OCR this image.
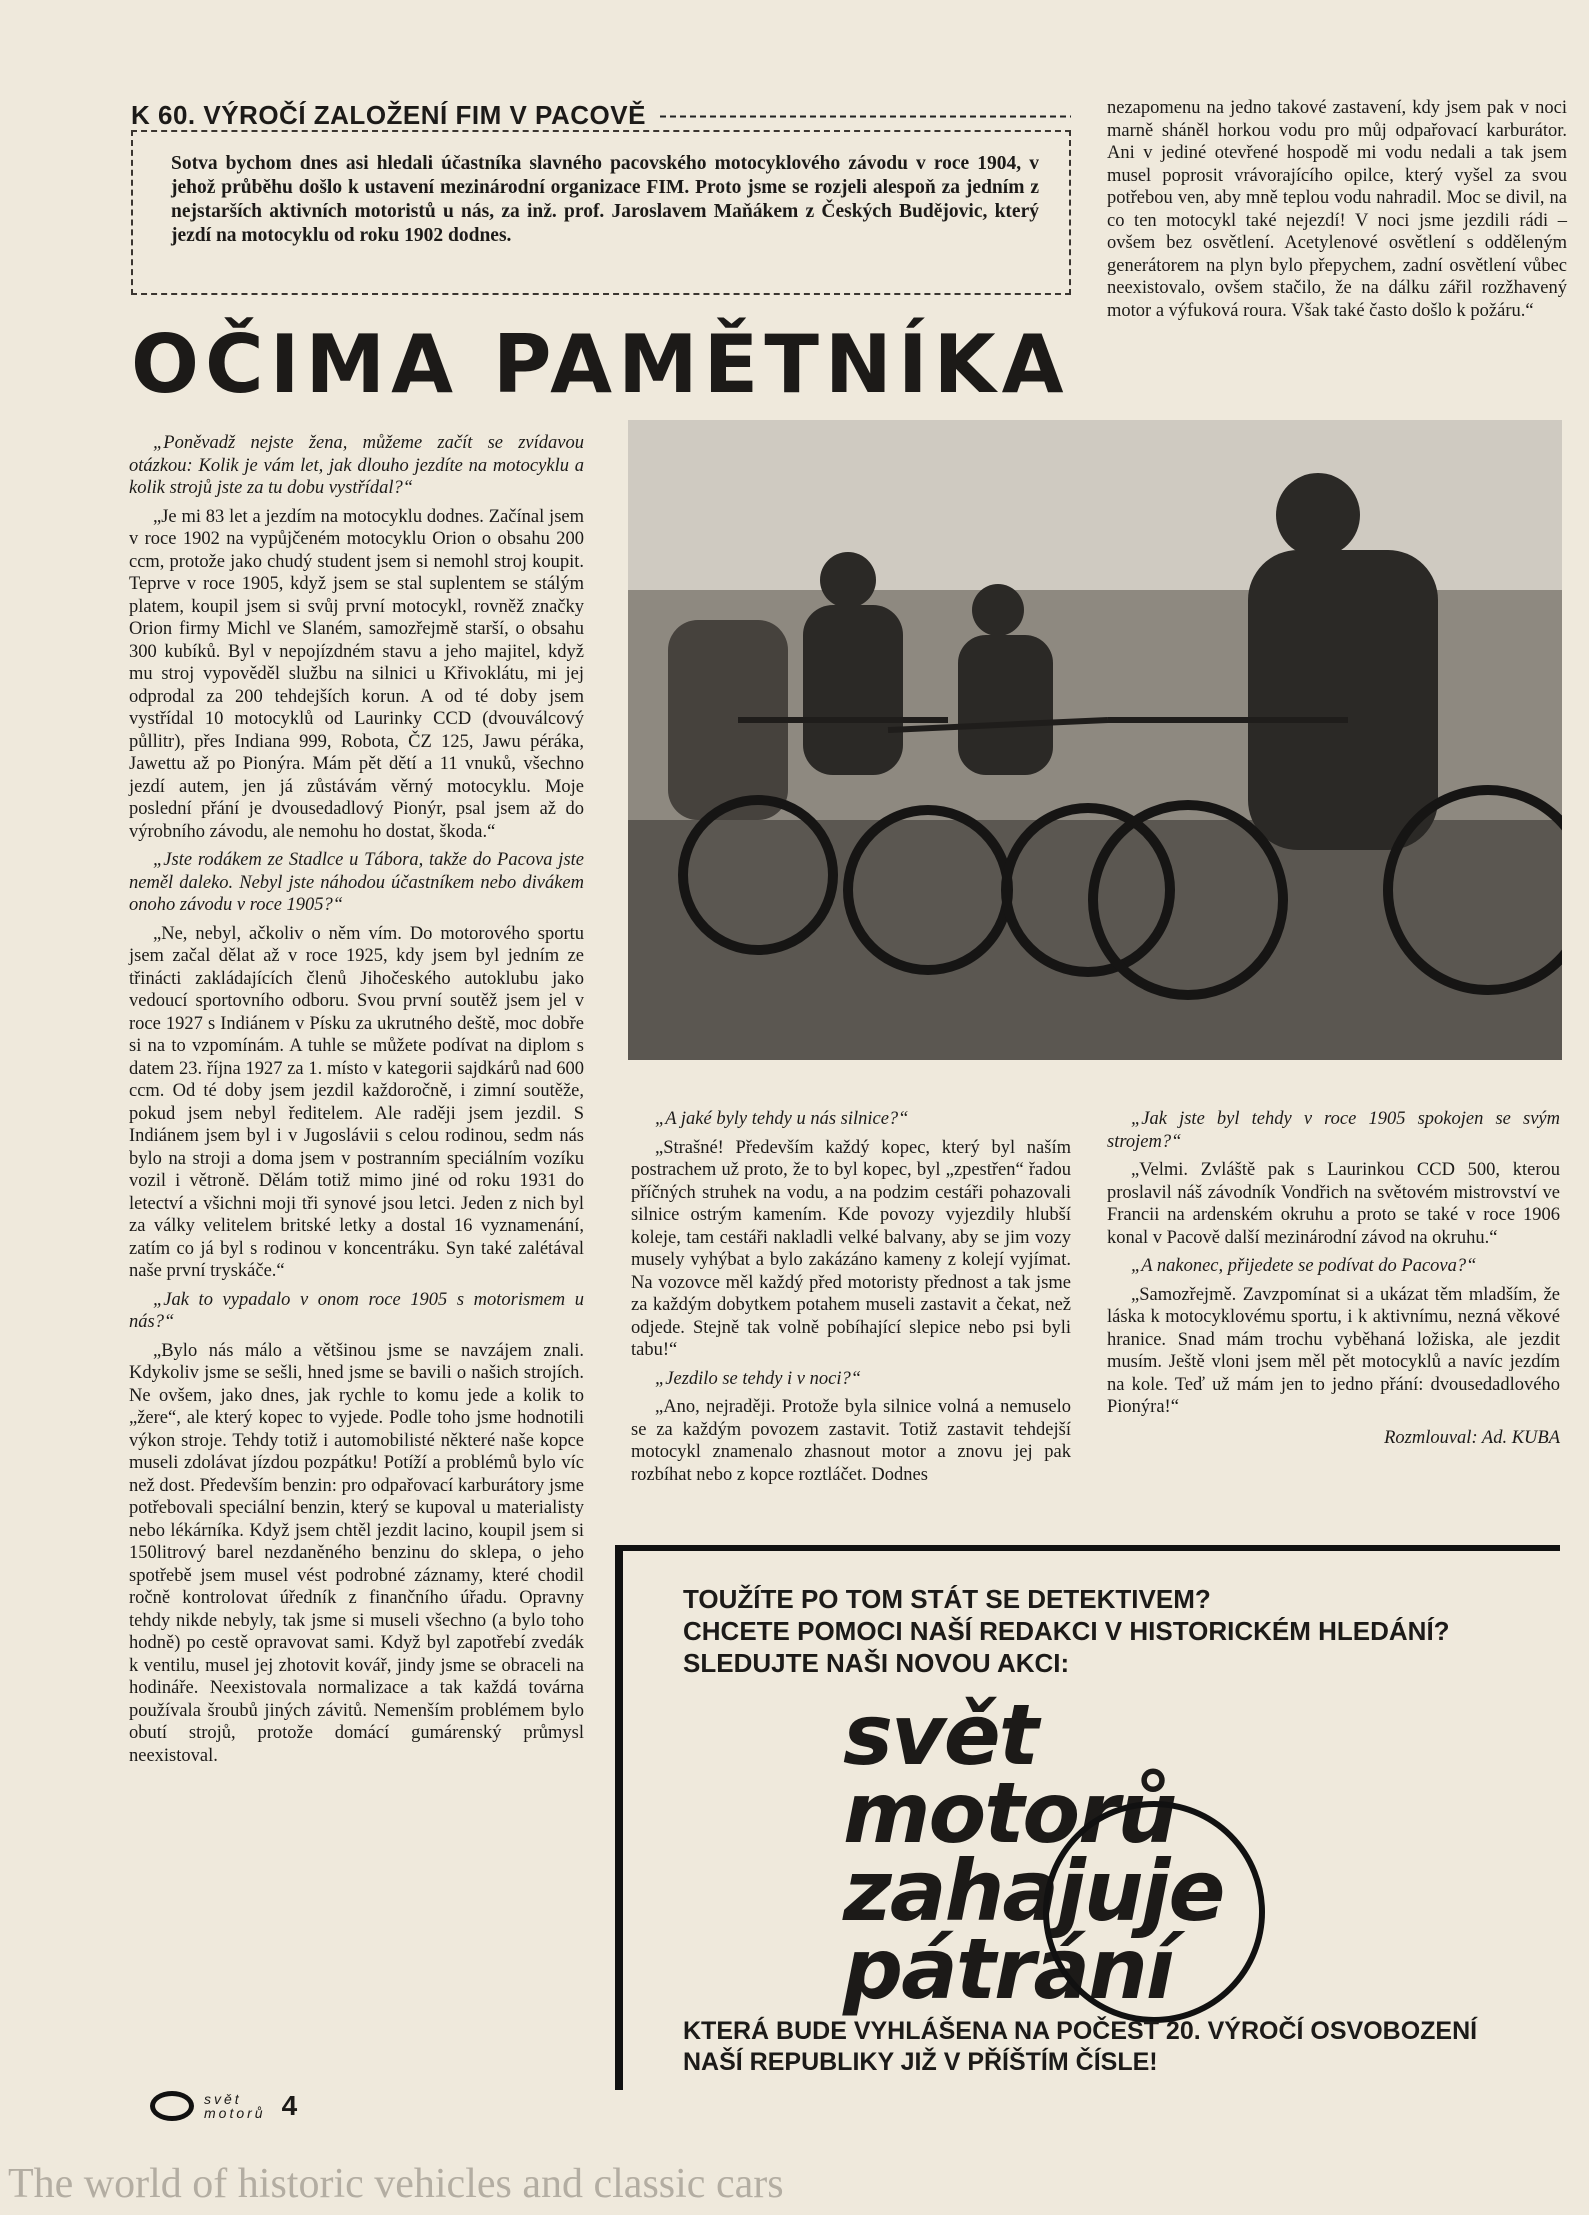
K 60. VÝROČÍ ZALOŽENÍ FIM V PACOVĚ
Sotva bychom dnes asi hledali účastníka slavného pacovského motocyklového závodu v roce 1904, v jehož průběhu došlo k ustavení mezinárodní organizace FIM. Proto jsme se rozjeli alespoň za jedním z nejstarších aktivních motoristů u nás, za inž. prof. Jaroslavem Maňákem z Českých Budějovic, který jezdí na motocyklu od roku 1902 dodnes.
OČIMA PAMĚTNÍKA

nezapomenu na jedno takové zastavení, kdy jsem pak v noci marně sháněl horkou vodu pro můj odpařovací karburátor. Ani v jediné otevřené hospodě mi vodu nedali a tak jsem musel poprosit vrávorajícího opilce, který vyšel za svou potřebou ven, aby mně teplou vodu nahradil. Moc se divil, na co ten motocykl také nejezdí! V noci jsme jezdili rádi – ovšem bez osvětlení. Acetylenové osvětlení s odděleným generátorem na plyn bylo přepychem, zadní osvětlení vůbec neexistovalo, ovšem stačilo, že na dálku zářil rozžhavený motor a výfuková roura. Však také často došlo k požáru.“

„Poněvadž nejste žena, můžeme začít se zvídavou otázkou: Kolik je vám let, jak dlouho jezdíte na motocyklu a kolik strojů jste za tu dobu vystřídal?“

„Je mi 83 let a jezdím na motocyklu dodnes. Začínal jsem v roce 1902 na vypůjčeném motocyklu Orion o obsahu 200 ccm, protože jako chudý student jsem si nemohl stroj koupit. Teprve v roce 1905, když jsem se stal suplentem se stálým platem, koupil jsem si svůj první motocykl, rovněž značky Orion firmy Michl ve Slaném, samozřejmě starší, o obsahu 300 kubíků. Byl v nepojízdném stavu a jeho majitel, když mu stroj vypověděl službu na silnici u Křivoklátu, mi jej odprodal za 200 tehdejších korun. A od té doby jsem vystřídal 10 motocyklů od Laurinky CCD (dvouválcový půllitr), přes Indiana 999, Robota, ČZ 125, Jawu péráka, Jawettu až po Pionýra. Mám pět dětí a 11 vnuků, všechno jezdí autem, jen já zůstávám věrný motocyklu. Moje poslední přání je dvousedadlový Pionýr, psal jsem až do výrobního závodu, ale nemohu ho dostat, škoda.“

„Jste rodákem ze Stadlce u Tábora, takže do Pacova jste neměl daleko. Nebyl jste náhodou účastníkem nebo divákem onoho závodu v roce 1905?“

„Ne, nebyl, ačkoliv o něm vím. Do motorového sportu jsem začal dělat až v roce 1925, kdy jsem byl jedním ze třinácti zakládajících členů Jihočeského autoklubu jako vedoucí sportovního odboru. Svou první soutěž jsem jel v roce 1927 s Indiánem v Písku za ukrutného deště, moc dobře si na to vzpomínám. A tuhle se můžete podívat na diplom s datem 23. října 1927 za 1. místo v kategorii sajdkárů nad 600 ccm. Od té doby jsem jezdil každoročně, i zimní soutěže, pokud jsem nebyl ředitelem. Ale raději jsem jezdil. S Indiánem jsem byl i v Jugoslávii s celou rodinou, sedm nás bylo na stroji a doma jsem v postranním speciálním vozíku vozil i větroně. Dělám totiž mimo jiné od roku 1931 do letectví a všichni moji tři synové jsou letci. Jeden z nich byl za války velitelem britské letky a dostal 16 vyznamenání, zatím co já byl s rodinou v koncentráku. Syn také zalétával naše první tryskáče.“

„Jak to vypadalo v onom roce 1905 s motorismem u nás?“

„Bylo nás málo a většinou jsme se navzájem znali. Kdykoliv jsme se sešli, hned jsme se bavili o našich strojích. Ne ovšem, jako dnes, jak rychle to komu jede a kolik to „žere“, ale který kopec to vyjede. Podle toho jsme hodnotili výkon stroje. Tehdy totiž i automobilisté některé naše kopce museli zdolávat jízdou pozpátku! Potíží a problémů bylo víc než dost. Především benzin: pro odpařovací karburátory jsme potřebovali speciální benzin, který se kupoval u materialisty nebo lékárníka. Když jsem chtěl jezdit lacino, koupil jsem si 150litrový barel nezdaněného benzinu do sklepa, o jeho spotřebě jsem musel vést podrobné záznamy, které chodil ročně kontrolovat úředník z finančního úřadu. Opravny tehdy nikde nebyly, tak jsme si museli všechno (a bylo toho hodně) po cestě opravovat sami. Když byl zapotřebí zvedák k ventilu, musel jej zhotovit kovář, jindy jsme se obraceli na hodináře. Neexistovala normalizace a tak každá továrna používala šroubů jiných závitů. Nemenším problémem bylo obutí strojů, protože domácí gumárenský průmysl neexistoval.

„A jaké byly tehdy u nás silnice?“

„Strašné! Především každý kopec, který byl naším postrachem už proto, že to byl kopec, byl „zpestřen“ řadou příčných struhek na vodu, a na podzim cestáři pohazovali silnice ostrým kamením. Kde povozy vyjezdily hlubší koleje, tam cestáři nakladli velké balvany, aby se jim vozy musely vyhýbat a bylo zakázáno kameny z kolejí vyjímat. Na vozovce měl každý před motoristy přednost a tak jsme za každým dobytkem potahem museli zastavit a čekat, než odjede. Stejně tak volně pobíhající slepice nebo psi byli tabu!“

„Jezdilo se tehdy i v noci?“

„Ano, nejraději. Protože byla silnice volná a nemuselo se za každým povozem zastavit. Totiž zastavit tehdejší motocykl znamenalo zhasnout motor a znovu jej pak rozbíhat nebo z kopce roztláčet. Dodnes

„Jak jste byl tehdy v roce 1905 spokojen se svým strojem?“

„Velmi. Zvláště pak s Laurinkou CCD 500, kterou proslavil náš závodník Vondřich na světovém mistrovství ve Francii na ardenském okruhu a proto se také v roce 1906 konal v Pacově další mezinárodní závod na okruhu.“

„A nakonec, přijedete se podívat do Pacova?“

„Samozřejmě. Zavzpomínat si a ukázat těm mladším, že láska k motocyklovému sportu, i k aktivnímu, nezná věkové hranice. Snad mám trochu vyběhaná ložiska, ale jezdit musím. Ještě vloni jsem měl pět motocyklů a navíc jezdím na kole. Teď už mám jen to jedno přání: dvousedadlového Pionýra!“

Rozmlouval: Ad. KUBA
TOUŽÍTE PO TOM STÁT SE DETEKTIVEM?
CHCETE POMOCI NAŠÍ REDAKCI V HISTORICKÉM HLEDÁNÍ?
SLEDUJTE NAŠI NOVOU AKCI:
svět
motorů
zahajuje
pátrání
KTERÁ BUDE VYHLÁŠENA NA POČEST 20. VÝROČÍ OSVOBOZENÍ
NAŠÍ REPUBLIKY JIŽ V PŘÍŠTÍM ČÍSLE!
svět
motorů 4
The world of historic vehicles and classic cars
